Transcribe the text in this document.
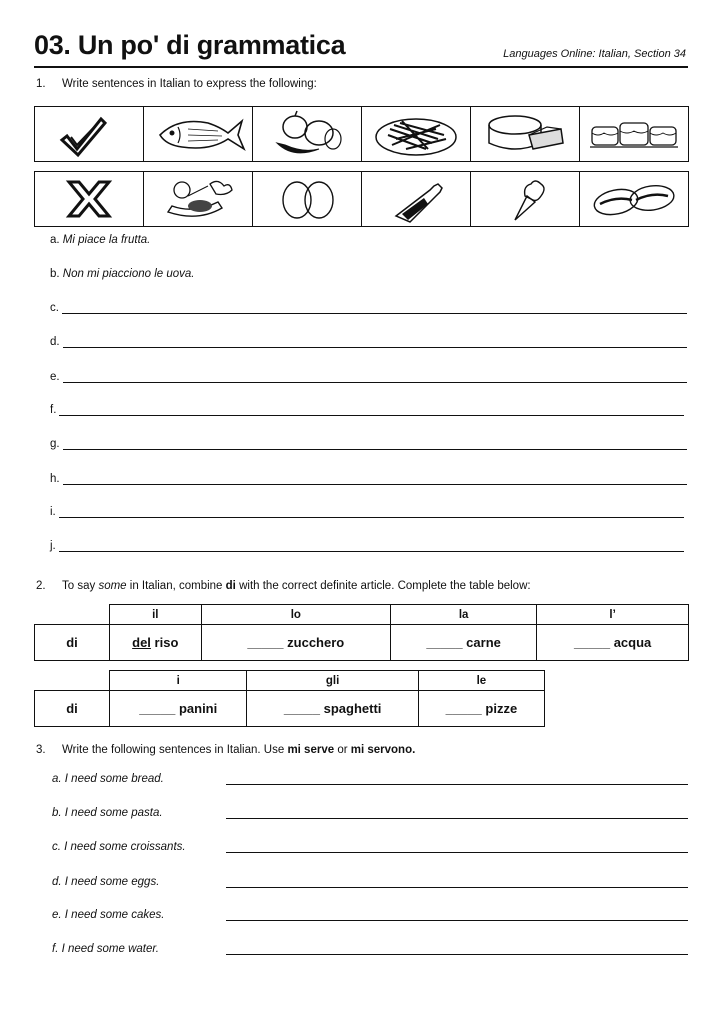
03. Un po' di grammatica	Languages Online: Italian, Section 34
1. Write sentences in Italian to express the following:
a.
Mi piace la frutta.
b.
Non mi piacciono le uova.
c.
d.
e.
f.
g.
h.
i.
j.
2. To say some in Italian, combine di with the correct definite article. Complete the table below:
	il	lo	la	l’
di	del riso	_____ zucchero	_____ carne	_____ acqua
	i	gli	le
di	_____ panini	_____ spaghetti	_____ pizze
3. Write the following sentences in Italian. Use mi serve or mi servono.
a. I need some bread.
b. I need some pasta.
c. I need some croissants.
d. I need some eggs.
e. I need some cakes.
f. I need some water.
